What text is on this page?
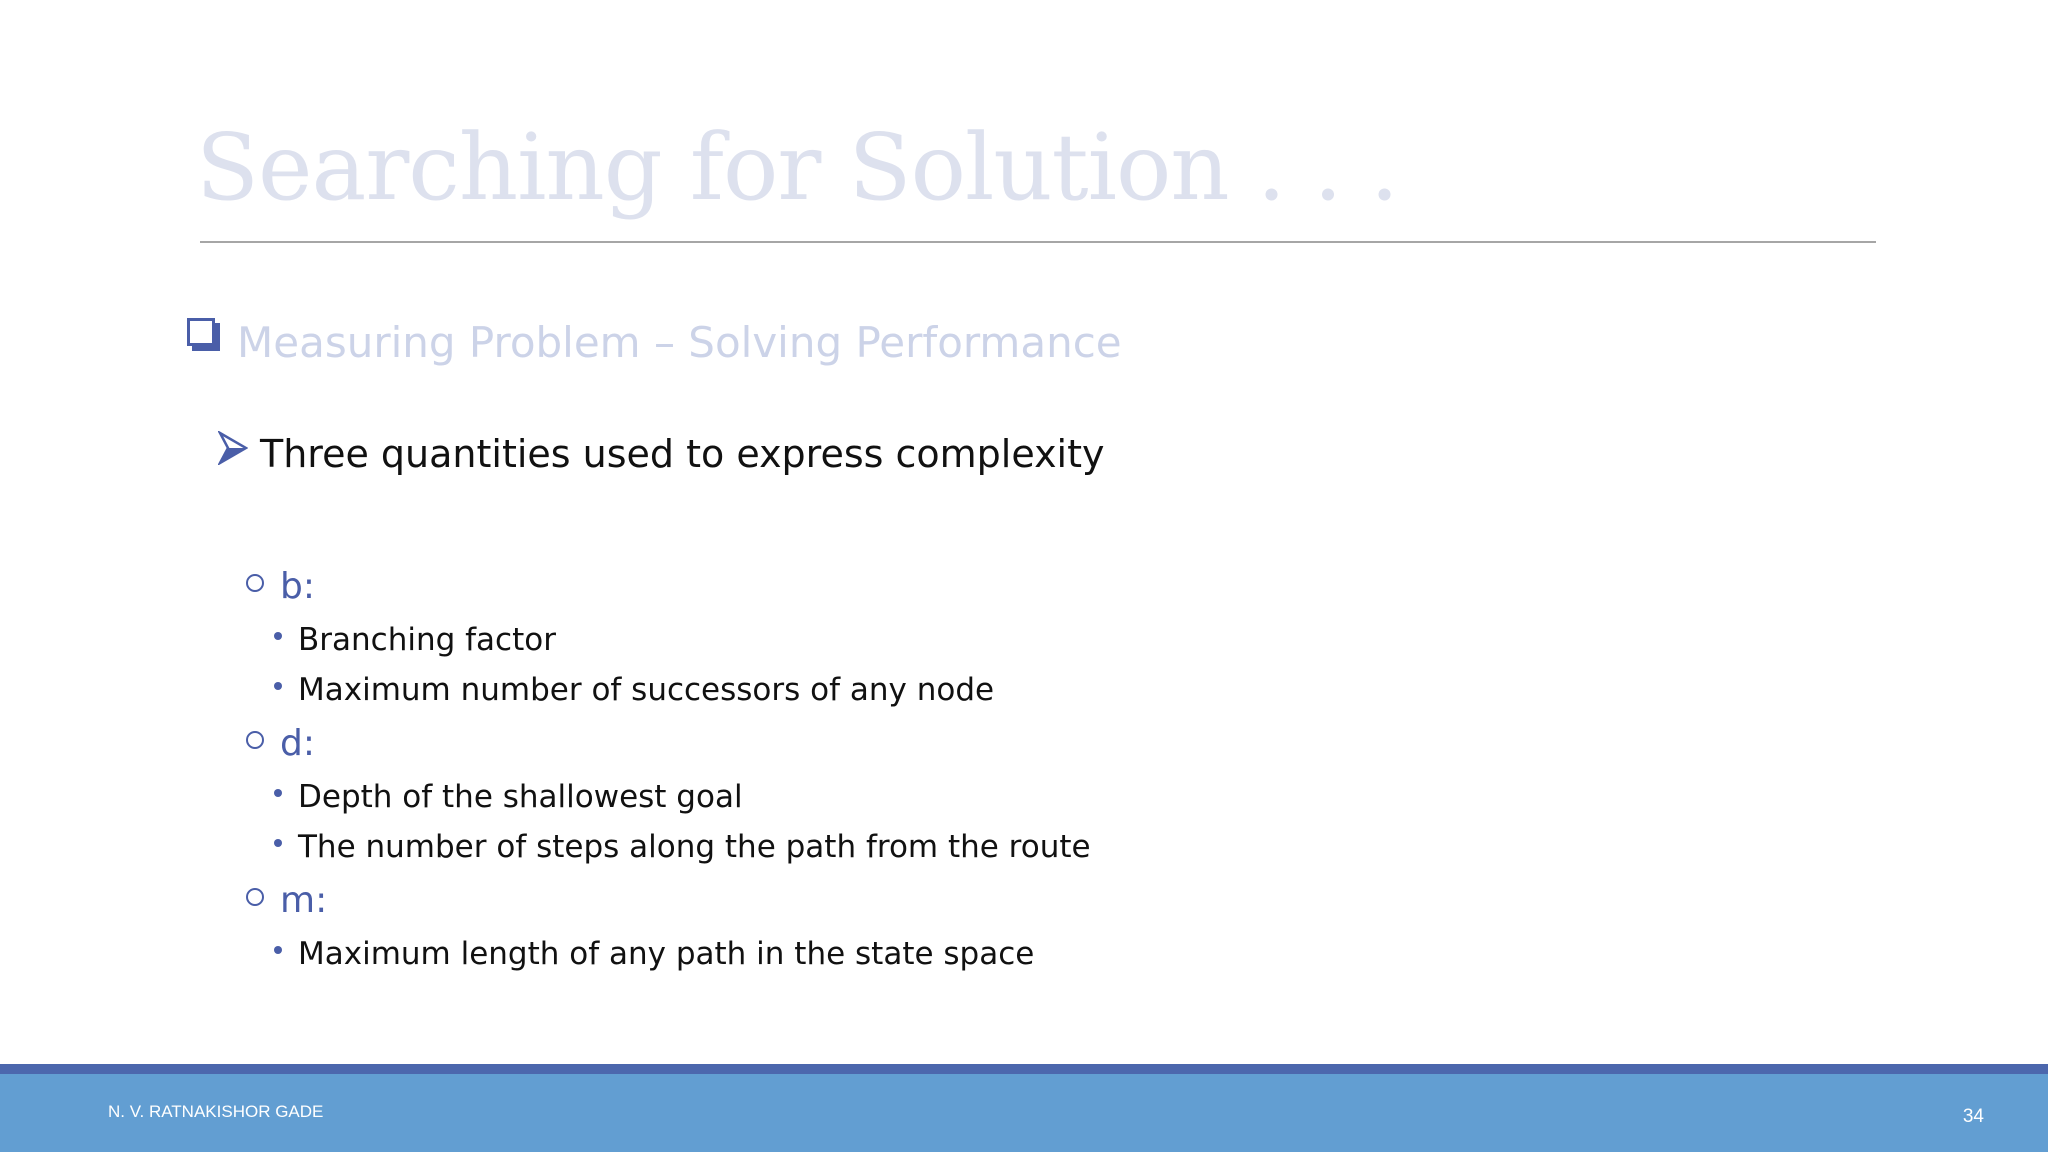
Searching for Solution . . .
Measuring Problem – Solving Performance
Three quantities used to express complexity
b:
Branching factor
Maximum number of successors of any node
d:
Depth of the shallowest goal
The number of steps along the path from the route
m:
Maximum length of any path in the state space
N. V. RATNAKISHOR GADE	34
